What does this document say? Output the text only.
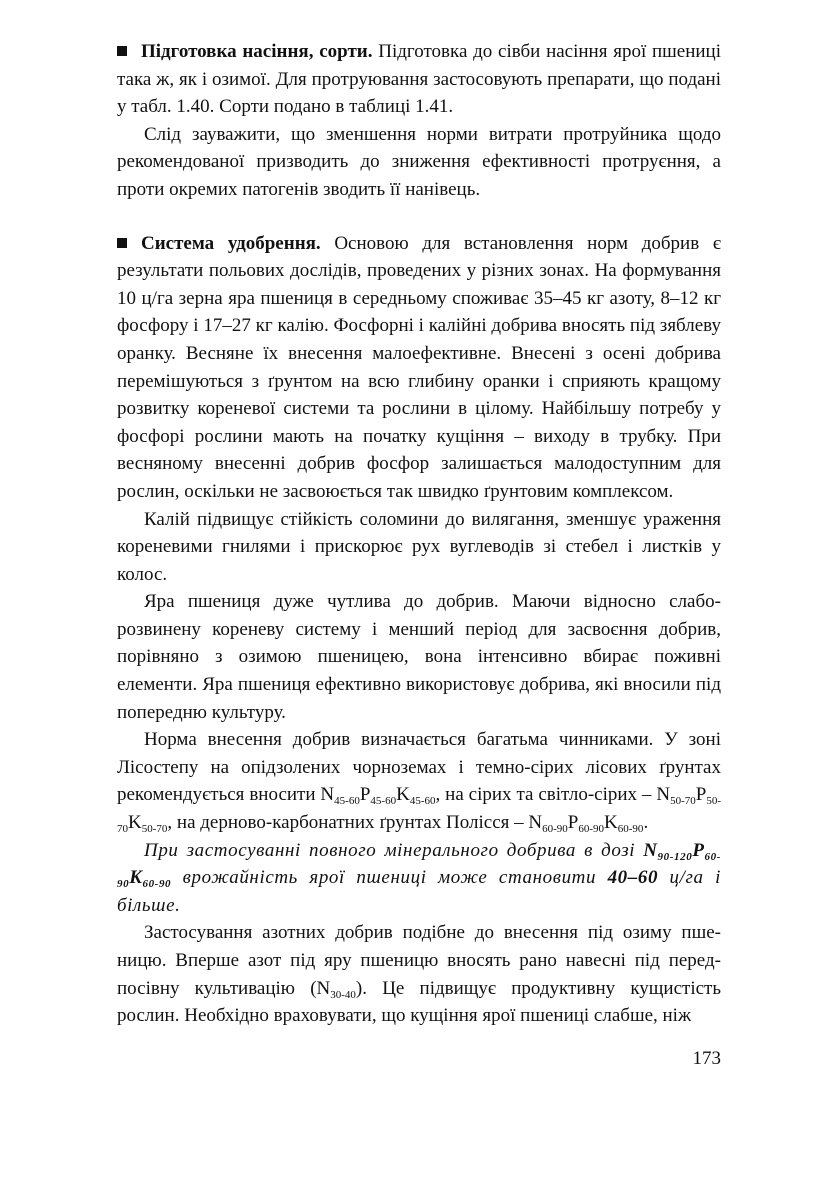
Підготовка насіння, сорти. Підготовка до сівби насіння ярої пшениці така ж, як і озимої. Для протруювання застосовують препарати, що подані у табл. 1.40. Сорти подано в таблиці 1.41.

Слід зауважити, що зменшення норми витрати протруйника щодо рекомендованої призводить до зниження ефективності протруєння, а проти окремих патогенів зводить її нанівець.

Система удобрення. Основою для встановлення норм добрив є результати польових дослідів, проведених у різних зонах. На формування 10 ц/га зерна яра пшениця в середньому споживає 35–45 кг азоту, 8–12 кг фосфору і 17–27 кг калію. Фосфорні і калійні добрива вносять під зяблеву оранку. Весняне їх внесення малоефективне. Внесені з осені добрива перемішуються з ґрунтом на всю глибину оранки і сприяють кращому розвитку кореневої системи та рослини в цілому. Найбільшу потребу у фосфорі рослини мають на початку кущіння – виходу в трубку. При весняному внесенні добрив фосфор залишається малодоступним для рослин, оскільки не засвоюється так швидко ґрунтовим комплексом.

Калій підвищує стійкість соломини до вилягання, зменшує ураження кореневими гнилями і прискорює рух вуглеводів зі стебел і листків у колос.

Яра пшениця дуже чутлива до добрив. Маючи відносно слаборозвинену кореневу систему і менший період для засвоєння добрив, порівняно з озимою пшеницею, вона інтенсивно вбирає поживні елементи. Яра пшениця ефективно використовує добрива, які вносили під попередню культуру.

Норма внесення добрив визначається багатьма чинниками. У зоні Лісостепу на опідзолених чорноземах і темно-сірих лісових ґрунтах рекомендується вносити $N_{45-60}P_{45-60}K_{45-60}$, на сірих та світло-сірих – $N_{50-70}P_{50-70}K_{50-70}$, на дерново-карбонатних ґрунтах Полісся – $N_{60-90}P_{60-90}K_{60-90}$.

При застосуванні повного мінерального добрива в дозі $N_{90-120}P_{60-90}K_{60-90}$ врожайність ярої пшениці може становити 40–60 ц/га і більше.

Застосування азотних добрив подібне до внесення під озиму пшеницю. Вперше азот під яру пшеницю вносять рано навесні під передпосівну культивацію $(N_{30-40})$. Це підвищує продуктивну кущистість рослин. Необхідно враховувати, що кущіння ярої пшениці слабше, ніж

173
